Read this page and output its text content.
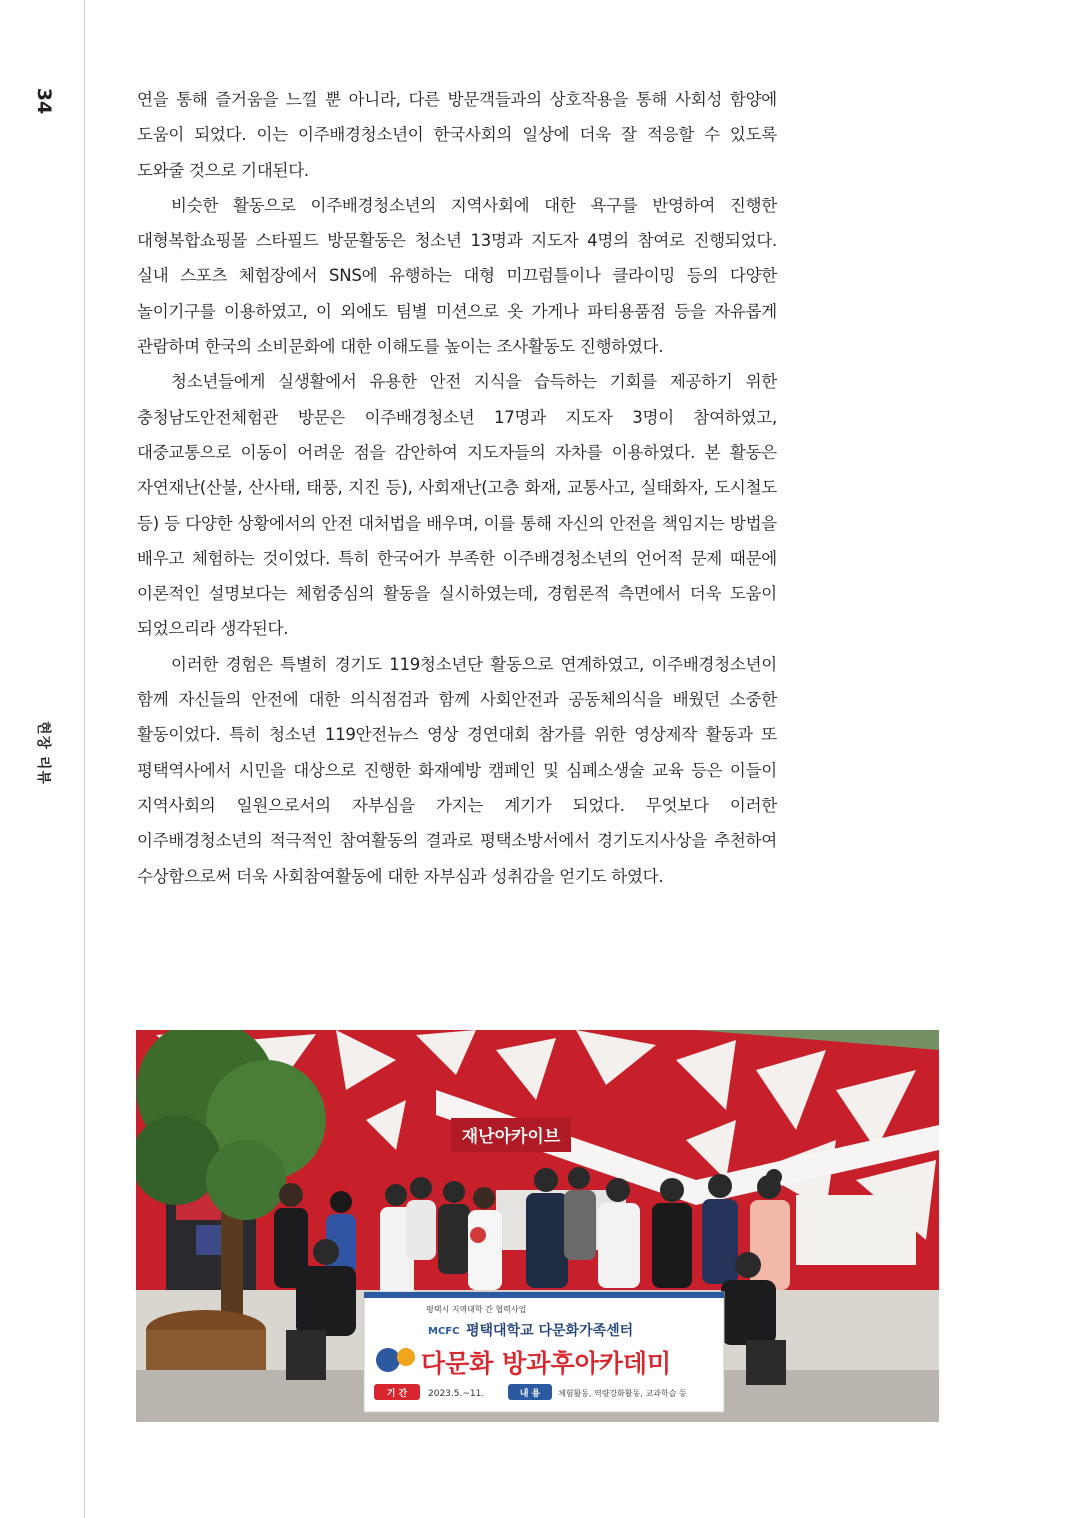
34
현장 리뷰

연을 통해 즐거움을 느낄 뿐 아니라, 다른 방문객들과의 상호작용을 통해 사회성 함양에 도움이 되었다. 이는 이주배경청소년이 한국사회의 일상에 더욱 잘 적응할 수 있도록 도와줄 것으로 기대된다.

비슷한 활동으로 이주배경청소년의 지역사회에 대한 욕구를 반영하여 진행한 대형복합쇼핑몰 스타필드 방문활동은 청소년 13명과 지도자 4명의 참여로 진행되었다. 실내 스포츠 체험장에서 SNS에 유행하는 대형 미끄럼틀이나 클라이밍 등의 다양한 놀이기구를 이용하였고, 이 외에도 팀별 미션으로 옷 가게나 파티용품점 등을 자유롭게 관람하며 한국의 소비문화에 대한 이해도를 높이는 조사활동도 진행하였다.

청소년들에게 실생활에서 유용한 안전 지식을 습득하는 기회를 제공하기 위한 충청남도안전체험관 방문은 이주배경청소년 17명과 지도자 3명이 참여하였고, 대중교통으로 이동이 어려운 점을 감안하여 지도자들의 자차를 이용하였다. 본 활동은 자연재난(산불, 산사태, 태풍, 지진 등), 사회재난(고층 화재, 교통사고, 실태화자, 도시철도 등) 등 다양한 상황에서의 안전 대처법을 배우며, 이를 통해 자신의 안전을 책임지는 방법을 배우고 체험하는 것이었다. 특히 한국어가 부족한 이주배경청소년의 언어적 문제 때문에 이론적인 설명보다는 체험중심의 활동을 실시하였는데, 경험론적 측면에서 더욱 도움이 되었으리라 생각된다.

이러한 경험은 특별히 경기도 119청소년단 활동으로 연계하였고, 이주배경청소년이 함께 자신들의 안전에 대한 의식점검과 함께 사회안전과 공동체의식을 배웠던 소중한 활동이었다. 특히 청소년 119안전뉴스 영상 경연대회 참가를 위한 영상제작 활동과 또 평택역사에서 시민을 대상으로 진행한 화재예방 캠페인 및 심폐소생술 교육 등은 이들이 지역사회의 일원으로서의 자부심을 가지는 계기가 되었다. 무엇보다 이러한 이주배경청소년의 적극적인 참여활동의 결과로 평택소방서에서 경기도지사상을 추천하여 수상함으로써 더욱 사회참여활동에 대한 자부심과 성취감을 얻기도 하였다.

재난아카이브
평택시 지역대학 간 협력사업
MCFC 평택대학교 다문화가족센터
다문화 방과후아카데미
기 간 2023.5.~11.	내 용 체험활동, 역량강화활동, 교과학습 등
